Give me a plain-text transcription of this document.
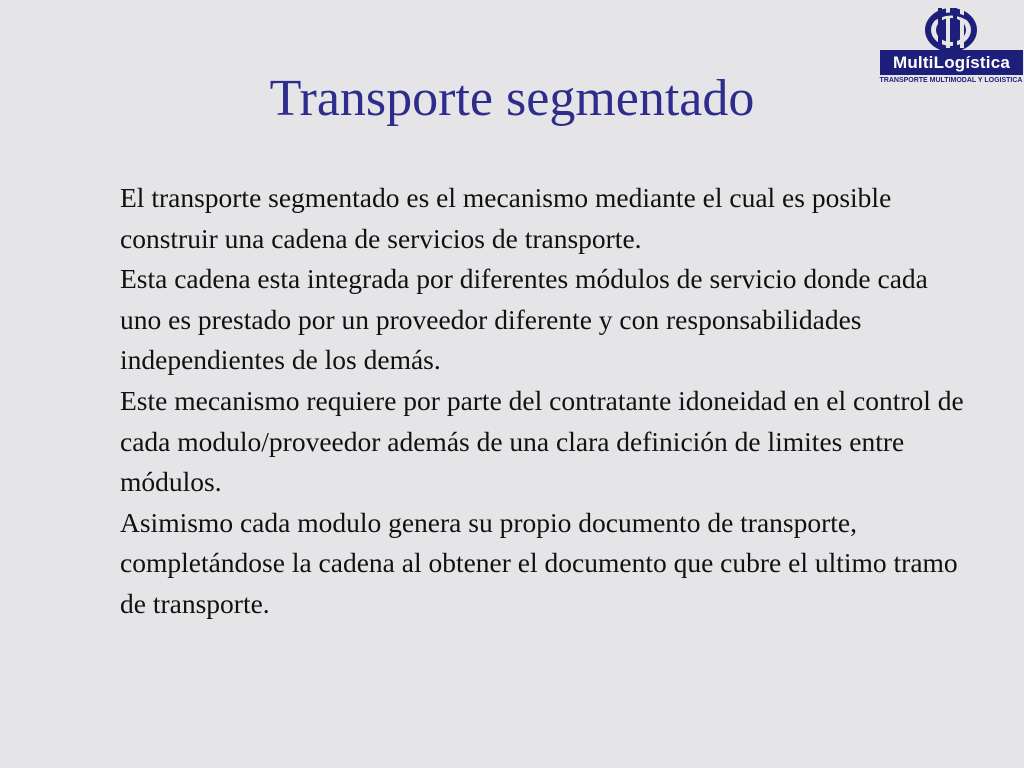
MultiLogística
TRANSPORTE MULTIMODAL Y LOGISTICA
Transporte segmentado

El transporte segmentado es el mecanismo mediante el cual es posible construir una cadena de servicios de transporte.

Esta cadena esta integrada por diferentes módulos de servicio donde cada uno es prestado por un proveedor diferente y con responsabilidades independientes de los demás.

Este mecanismo requiere por parte del contratante idoneidad en el control de cada modulo/proveedor además de una clara definición de limites entre módulos.

Asimismo cada modulo genera su propio documento de transporte, completándose la cadena al obtener el documento que cubre el ultimo tramo de transporte.
